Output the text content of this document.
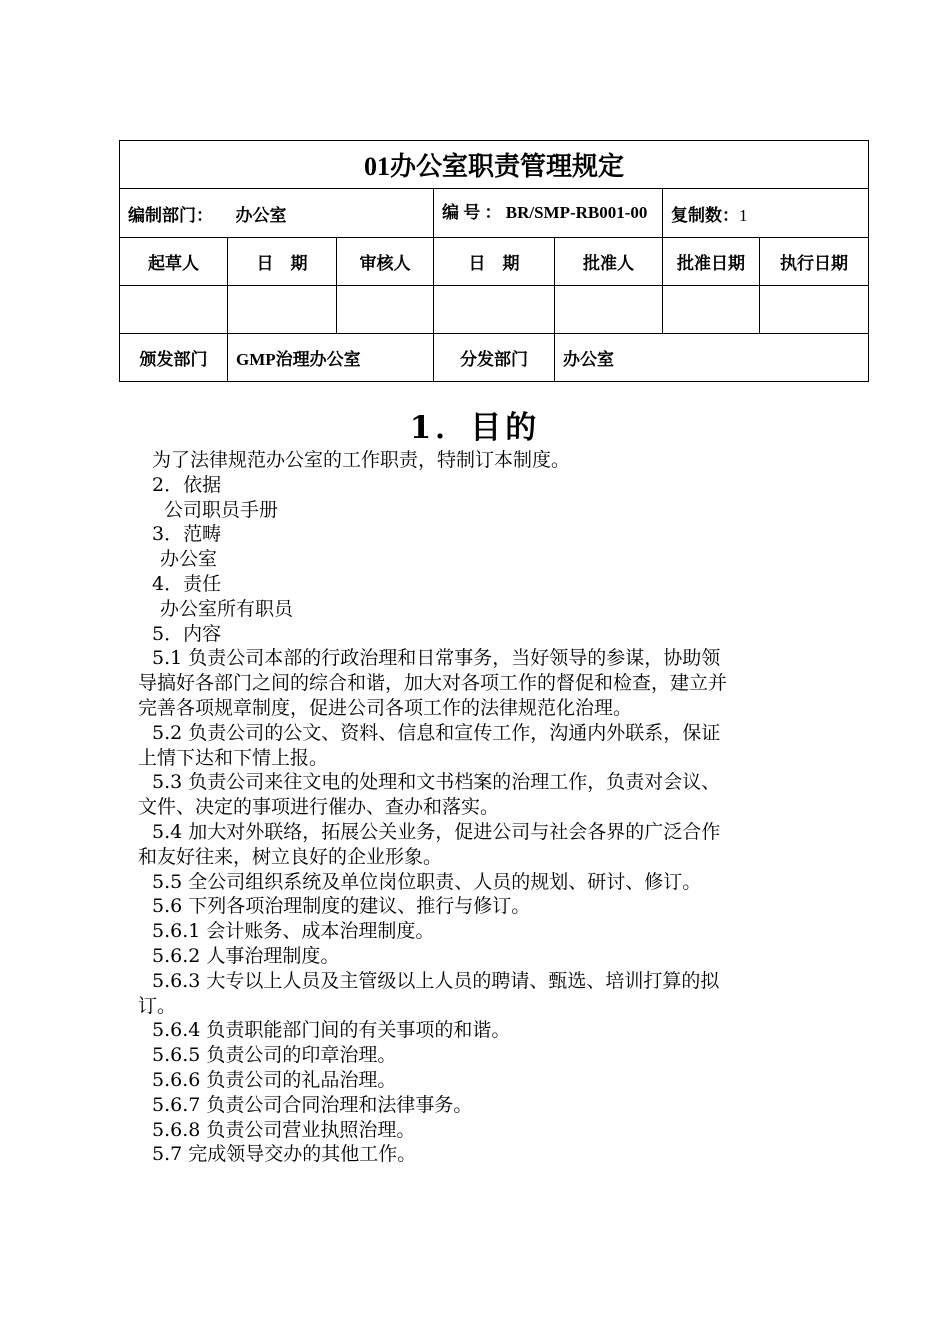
01办公室职责管理规定						
编制部门： 办公室			编 号 ： BR/SMP-RB001-00		复制数：1	
起草人	日　期	审核人	日　期	批准人	批准日期	执行日期

颁发部门	GMP治理办公室		分发部门	办公室		
1．目的

为了法律规范办公室的工作职责，特制订本制度。

2．依据

公司职员手册

3．范畴

办公室

4．责任

办公室所有职员

5．内容

5.1 负责公司本部的行政治理和日常事务，当好领导的参谋，协助领

导搞好各部门之间的综合和谐，加大对各项工作的督促和检查，建立并

完善各项规章制度，促进公司各项工作的法律规范化治理。

5.2 负责公司的公文、资料、信息和宣传工作，沟通内外联系，保证

上情下达和下情上报。

5.3 负责公司来往文电的处理和文书档案的治理工作，负责对会议、

文件、决定的事项进行催办、查办和落实。

5.4 加大对外联络，拓展公关业务，促进公司与社会各界的广泛合作

和友好往来，树立良好的企业形象。

5.5 全公司组织系统及单位岗位职责、人员的规划、研讨、修订。

5.6 下列各项治理制度的建议、推行与修订。

5.6.1 会计账务、成本治理制度。

5.6.2 人事治理制度。

5.6.3 大专以上人员及主管级以上人员的聘请、甄选、培训打算的拟

订。

5.6.4 负责职能部门间的有关事项的和谐。

5.6.5 负责公司的印章治理。

5.6.6 负责公司的礼品治理。

5.6.7 负责公司合同治理和法律事务。

5.6.8 负责公司营业执照治理。

5.7 完成领导交办的其他工作。
